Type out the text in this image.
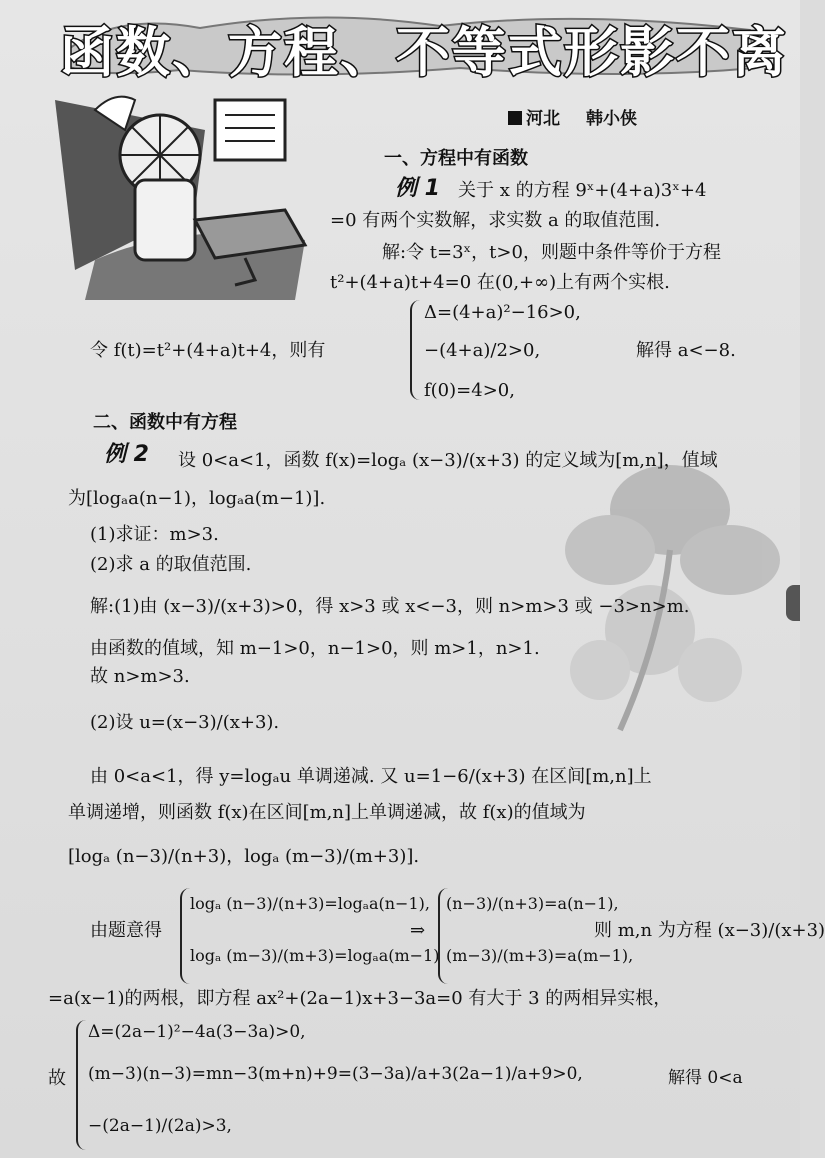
函数、方程、不等式形影不离
河北 韩小侠
一、方程中有函数
例 1 关于 x 的方程 9ˣ+(4+a)3ˣ+4
=0 有两个实数解，求实数 a 的取值范围.
解:令 t=3ˣ，t>0，则题中条件等价于方程
t²+(4+a)t+4=0 在(0,+∞)上有两个实根.
Δ=(4+a)²−16>0,
令 f(t)=t²+(4+a)t+4，则有	−(4+a)/2>0,	解得 a<−8.
f(0)=4>0,
二、函数中有方程
例 2 设 0<a<1，函数 f(x)=logₐ (x−3)/(x+3) 的定义域为[m,n]，值域
为[logₐa(n−1)，logₐa(m−1)].
(1)求证：m>3.
(2)求 a 的取值范围.
解:(1)由 (x−3)/(x+3)>0，得 x>3 或 x<−3，则 n>m>3 或 −3>n>m.
由函数的值域，知 m−1>0，n−1>0，则 m>1，n>1.
故 n>m>3.
(2)设 u=(x−3)/(x+3).
由 0<a<1，得 y=logₐu 单调递减. 又 u=1−6/(x+3) 在区间[m,n]上
单调递增，则函数 f(x)在区间[m,n]上单调递减，故 f(x)的值域为
[logₐ (n−3)/(n+3)，logₐ (m−3)/(m+3)].
logₐ (n−3)/(n+3)=logₐa(n−1),
由题意得
logₐ (m−3)/(m+3)=logₐa(m−1)
⇒
(n−3)/(n+3)=a(n−1),
(m−3)/(m+3)=a(m−1),
则 m,n 为方程 (x−3)/(x+3)
=a(x−1)的两根，即方程 ax²+(2a−1)x+3−3a=0 有大于 3 的两相异实根，
Δ=(2a−1)²−4a(3−3a)>0,
故 (m−3)(n−3)=mn−3(m+n)+9=(3−3a)/a+3(2a−1)/a+9>0,	解得 0<a
−(2a−1)/(2a)>3,
